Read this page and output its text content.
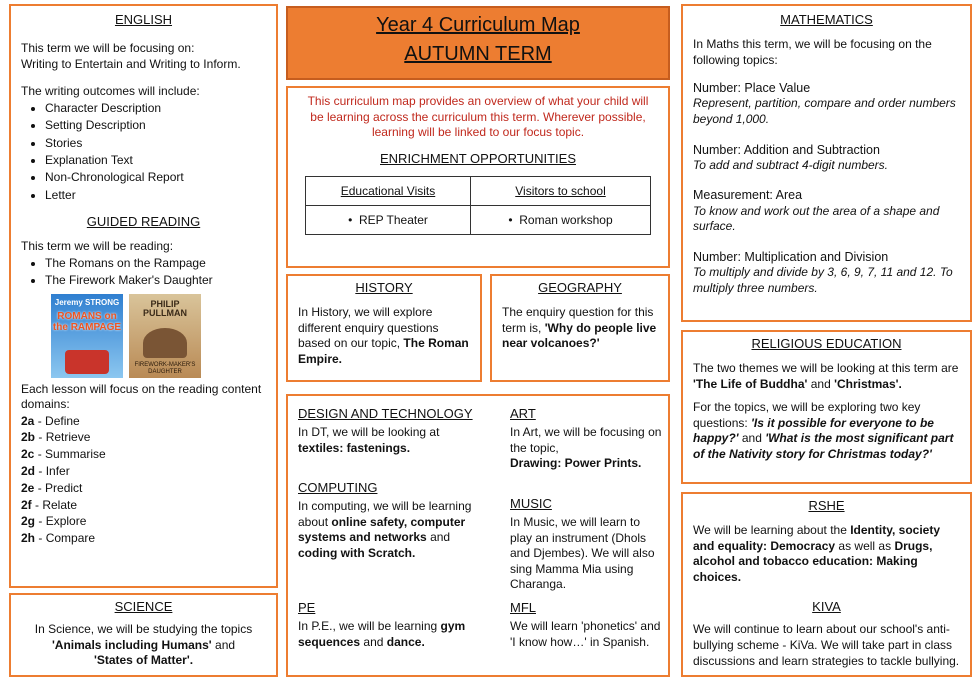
ENGLISH

This term we will be focusing on:

Writing to Entertain and Writing to Inform.

The writing outcomes will include:

• Character Description
• Setting Description
• Stories
• Explanation Text
• Non-Chronological Report
• Letter
GUIDED READING

This term we will be reading:

• The Romans on the Rampage
• The Firework Maker's Daughter
Jeremy STRONG
ROMANS on the RAMPAGE
PHILIP PULLMAN
FIREWORK-MAKER'S DAUGHTER

Each lesson will focus on the reading content domains:

2a - Define
2b - Retrieve
2c - Summarise
2d - Infer
2e - Predict
2f - Relate
2g - Explore
2h - Compare
SCIENCE

In Science, we will be studying the topics

'Animals including Humans' and

'States of Matter'.

Year 4 Curriculum Map
AUTUMN TERM

This curriculum map provides an overview of what your child will be learning across the curriculum this term. Wherever possible, learning will be linked to our focus topic.

ENRICHMENT OPPORTUNITIES
Educational Visits	Visitors to school
•  REP Theater	•  Roman workshop
HISTORY

In History, we will explore different enquiry questions based on our topic, The Roman Empire.

GEOGRAPHY

The enquiry question for this term is, 'Why do people live near volcanoes?'

DESIGN AND TECHNOLOGY

In DT, we will be looking at

textiles: fastenings.

ART

In Art, we will be focusing on the topic,

Drawing: Power Prints.

COMPUTING

In computing, we will be learning about online safety, computer systems and networks and coding with Scratch.

MUSIC

In Music, we will learn to play an instrument (Dhols and Djembes). We will also sing Mamma Mia using Charanga.

PE

In P.E., we will be learning gym sequences and dance.

MFL

We will learn 'phonetics' and 'I know how…' in Spanish.

MATHEMATICS

In Maths this term, we will be focusing on the following topics:

Number: Place Value

Represent, partition, compare and order numbers beyond 1,000.

Number: Addition and Subtraction

To add and subtract 4-digit numbers.

Measurement: Area

To know and work out the area of a shape and surface.

Number: Multiplication and Division

To multiply and divide by 3, 6, 9, 7, 11 and 12. To multiply three numbers.

RELIGIOUS EDUCATION

The two themes we will be looking at this term are 'The Life of Buddha' and 'Christmas'.

For the topics, we will be exploring two key questions: 'Is it possible for everyone to be happy?' and 'What is the most significant part of the Nativity story for Christmas today?'

RSHE

We will be learning about the Identity, society and equality: Democracy as well as Drugs, alcohol and tobacco education: Making choices.

KIVA

We will continue to learn about our school's anti-bullying scheme - KiVa. We will take part in class discussions and learn strategies to tackle bullying.
